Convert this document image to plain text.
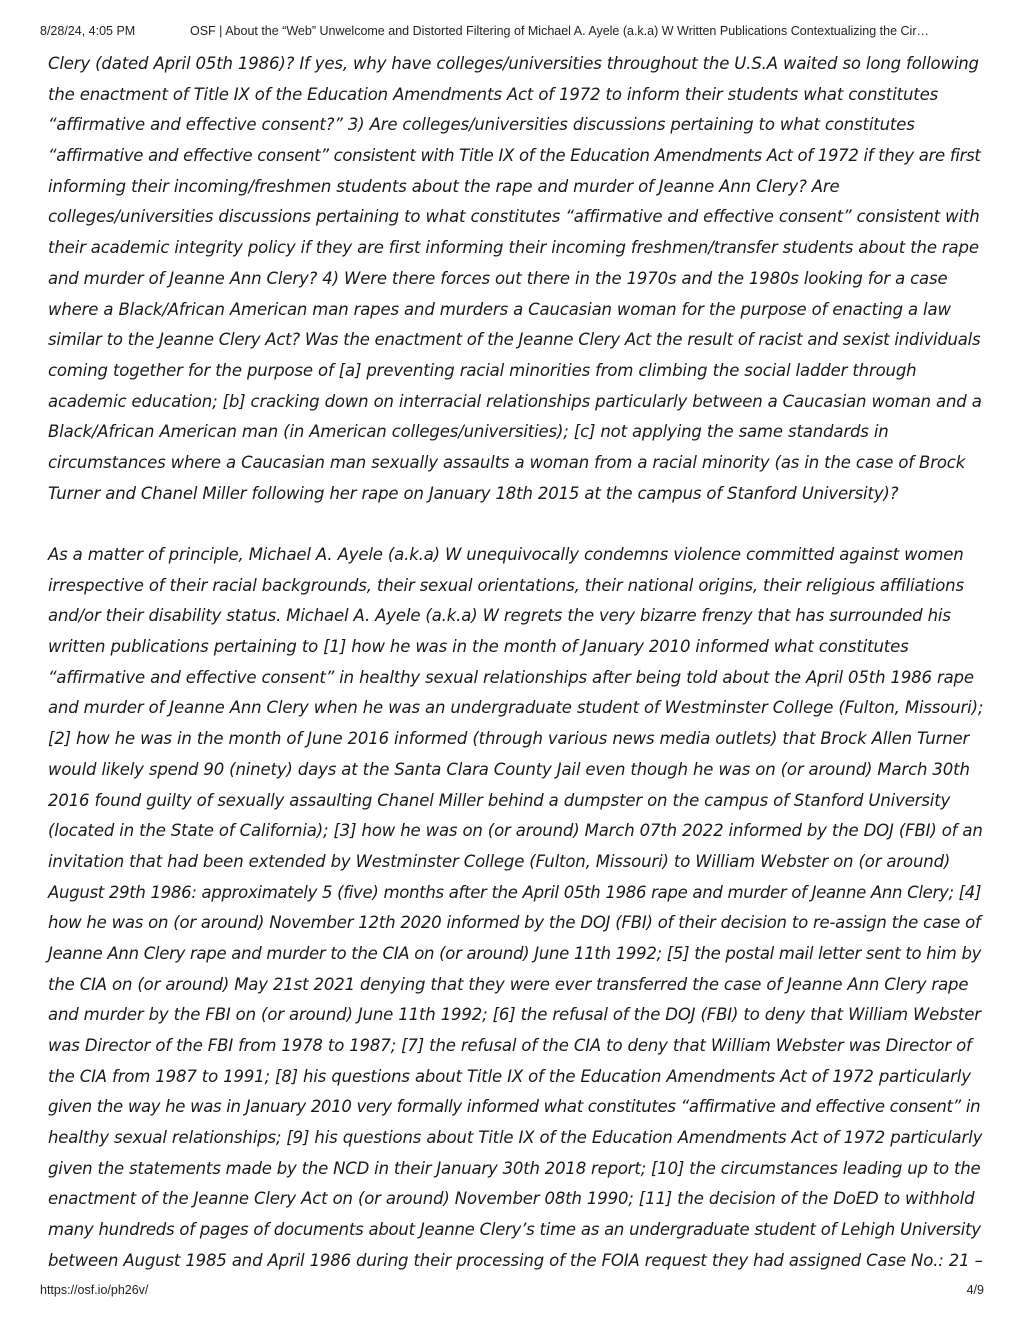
8/28/24, 4:05 PM	OSF | About the “Web” Unwelcome and Distorted Filtering of Michael A. Ayele (a.k.a) W Written Publications Contextualizing the Cir…
Clery (dated April 05th 1986)? If yes, why have colleges/universities throughout the U.S.A waited so long following
the enactment of Title IX of the Education Amendments Act of 1972 to inform their students what constitutes
“affirmative and effective consent?” 3) Are colleges/universities discussions pertaining to what constitutes
“affirmative and effective consent” consistent with Title IX of the Education Amendments Act of 1972 if they are first
informing their incoming/freshmen students about the rape and murder of Jeanne Ann Clery? Are
colleges/universities discussions pertaining to what constitutes “affirmative and effective consent” consistent with
their academic integrity policy if they are first informing their incoming freshmen/transfer students about the rape
and murder of Jeanne Ann Clery? 4) Were there forces out there in the 1970s and the 1980s looking for a case
where a Black/African American man rapes and murders a Caucasian woman for the purpose of enacting a law
similar to the Jeanne Clery Act? Was the enactment of the Jeanne Clery Act the result of racist and sexist individuals
coming together for the purpose of [a] preventing racial minorities from climbing the social ladder through
academic education; [b] cracking down on interracial relationships particularly between a Caucasian woman and a
Black/African American man (in American colleges/universities); [c] not applying the same standards in
circumstances where a Caucasian man sexually assaults a woman from a racial minority (as in the case of Brock
Turner and Chanel Miller following her rape on January 18th 2015 at the campus of Stanford University)?
As a matter of principle, Michael A. Ayele (a.k.a) W unequivocally condemns violence committed against women
irrespective of their racial backgrounds, their sexual orientations, their national origins, their religious affiliations
and/or their disability status. Michael A. Ayele (a.k.a) W regrets the very bizarre frenzy that has surrounded his
written publications pertaining to [1] how he was in the month of January 2010 informed what constitutes
“affirmative and effective consent” in healthy sexual relationships after being told about the April 05th 1986 rape
and murder of Jeanne Ann Clery when he was an undergraduate student of Westminster College (Fulton, Missouri);
[2] how he was in the month of June 2016 informed (through various news media outlets) that Brock Allen Turner
would likely spend 90 (ninety) days at the Santa Clara County Jail even though he was on (or around) March 30th
2016 found guilty of sexually assaulting Chanel Miller behind a dumpster on the campus of Stanford University
(located in the State of California); [3] how he was on (or around) March 07th 2022 informed by the DOJ (FBI) of an
invitation that had been extended by Westminster College (Fulton, Missouri) to William Webster on (or around)
August 29th 1986: approximately 5 (five) months after the April 05th 1986 rape and murder of Jeanne Ann Clery; [4]
how he was on (or around) November 12th 2020 informed by the DOJ (FBI) of their decision to re-assign the case of
Jeanne Ann Clery rape and murder to the CIA on (or around) June 11th 1992; [5] the postal mail letter sent to him by
the CIA on (or around) May 21st 2021 denying that they were ever transferred the case of Jeanne Ann Clery rape
and murder by the FBI on (or around) June 11th 1992; [6] the refusal of the DOJ (FBI) to deny that William Webster
was Director of the FBI from 1978 to 1987; [7] the refusal of the CIA to deny that William Webster was Director of
the CIA from 1987 to 1991; [8] his questions about Title IX of the Education Amendments Act of 1972 particularly
given the way he was in January 2010 very formally informed what constitutes “affirmative and effective consent” in
healthy sexual relationships; [9] his questions about Title IX of the Education Amendments Act of 1972 particularly
given the statements made by the NCD in their January 30th 2018 report; [10] the circumstances leading up to the
enactment of the Jeanne Clery Act on (or around) November 08th 1990; [11] the decision of the DoED to withhold
many hundreds of pages of documents about Jeanne Clery’s time as an undergraduate student of Lehigh University
between August 1985 and April 1986 during their processing of the FOIA request they had assigned Case No.: 21 –
https://osf.io/ph26v/	4/9
